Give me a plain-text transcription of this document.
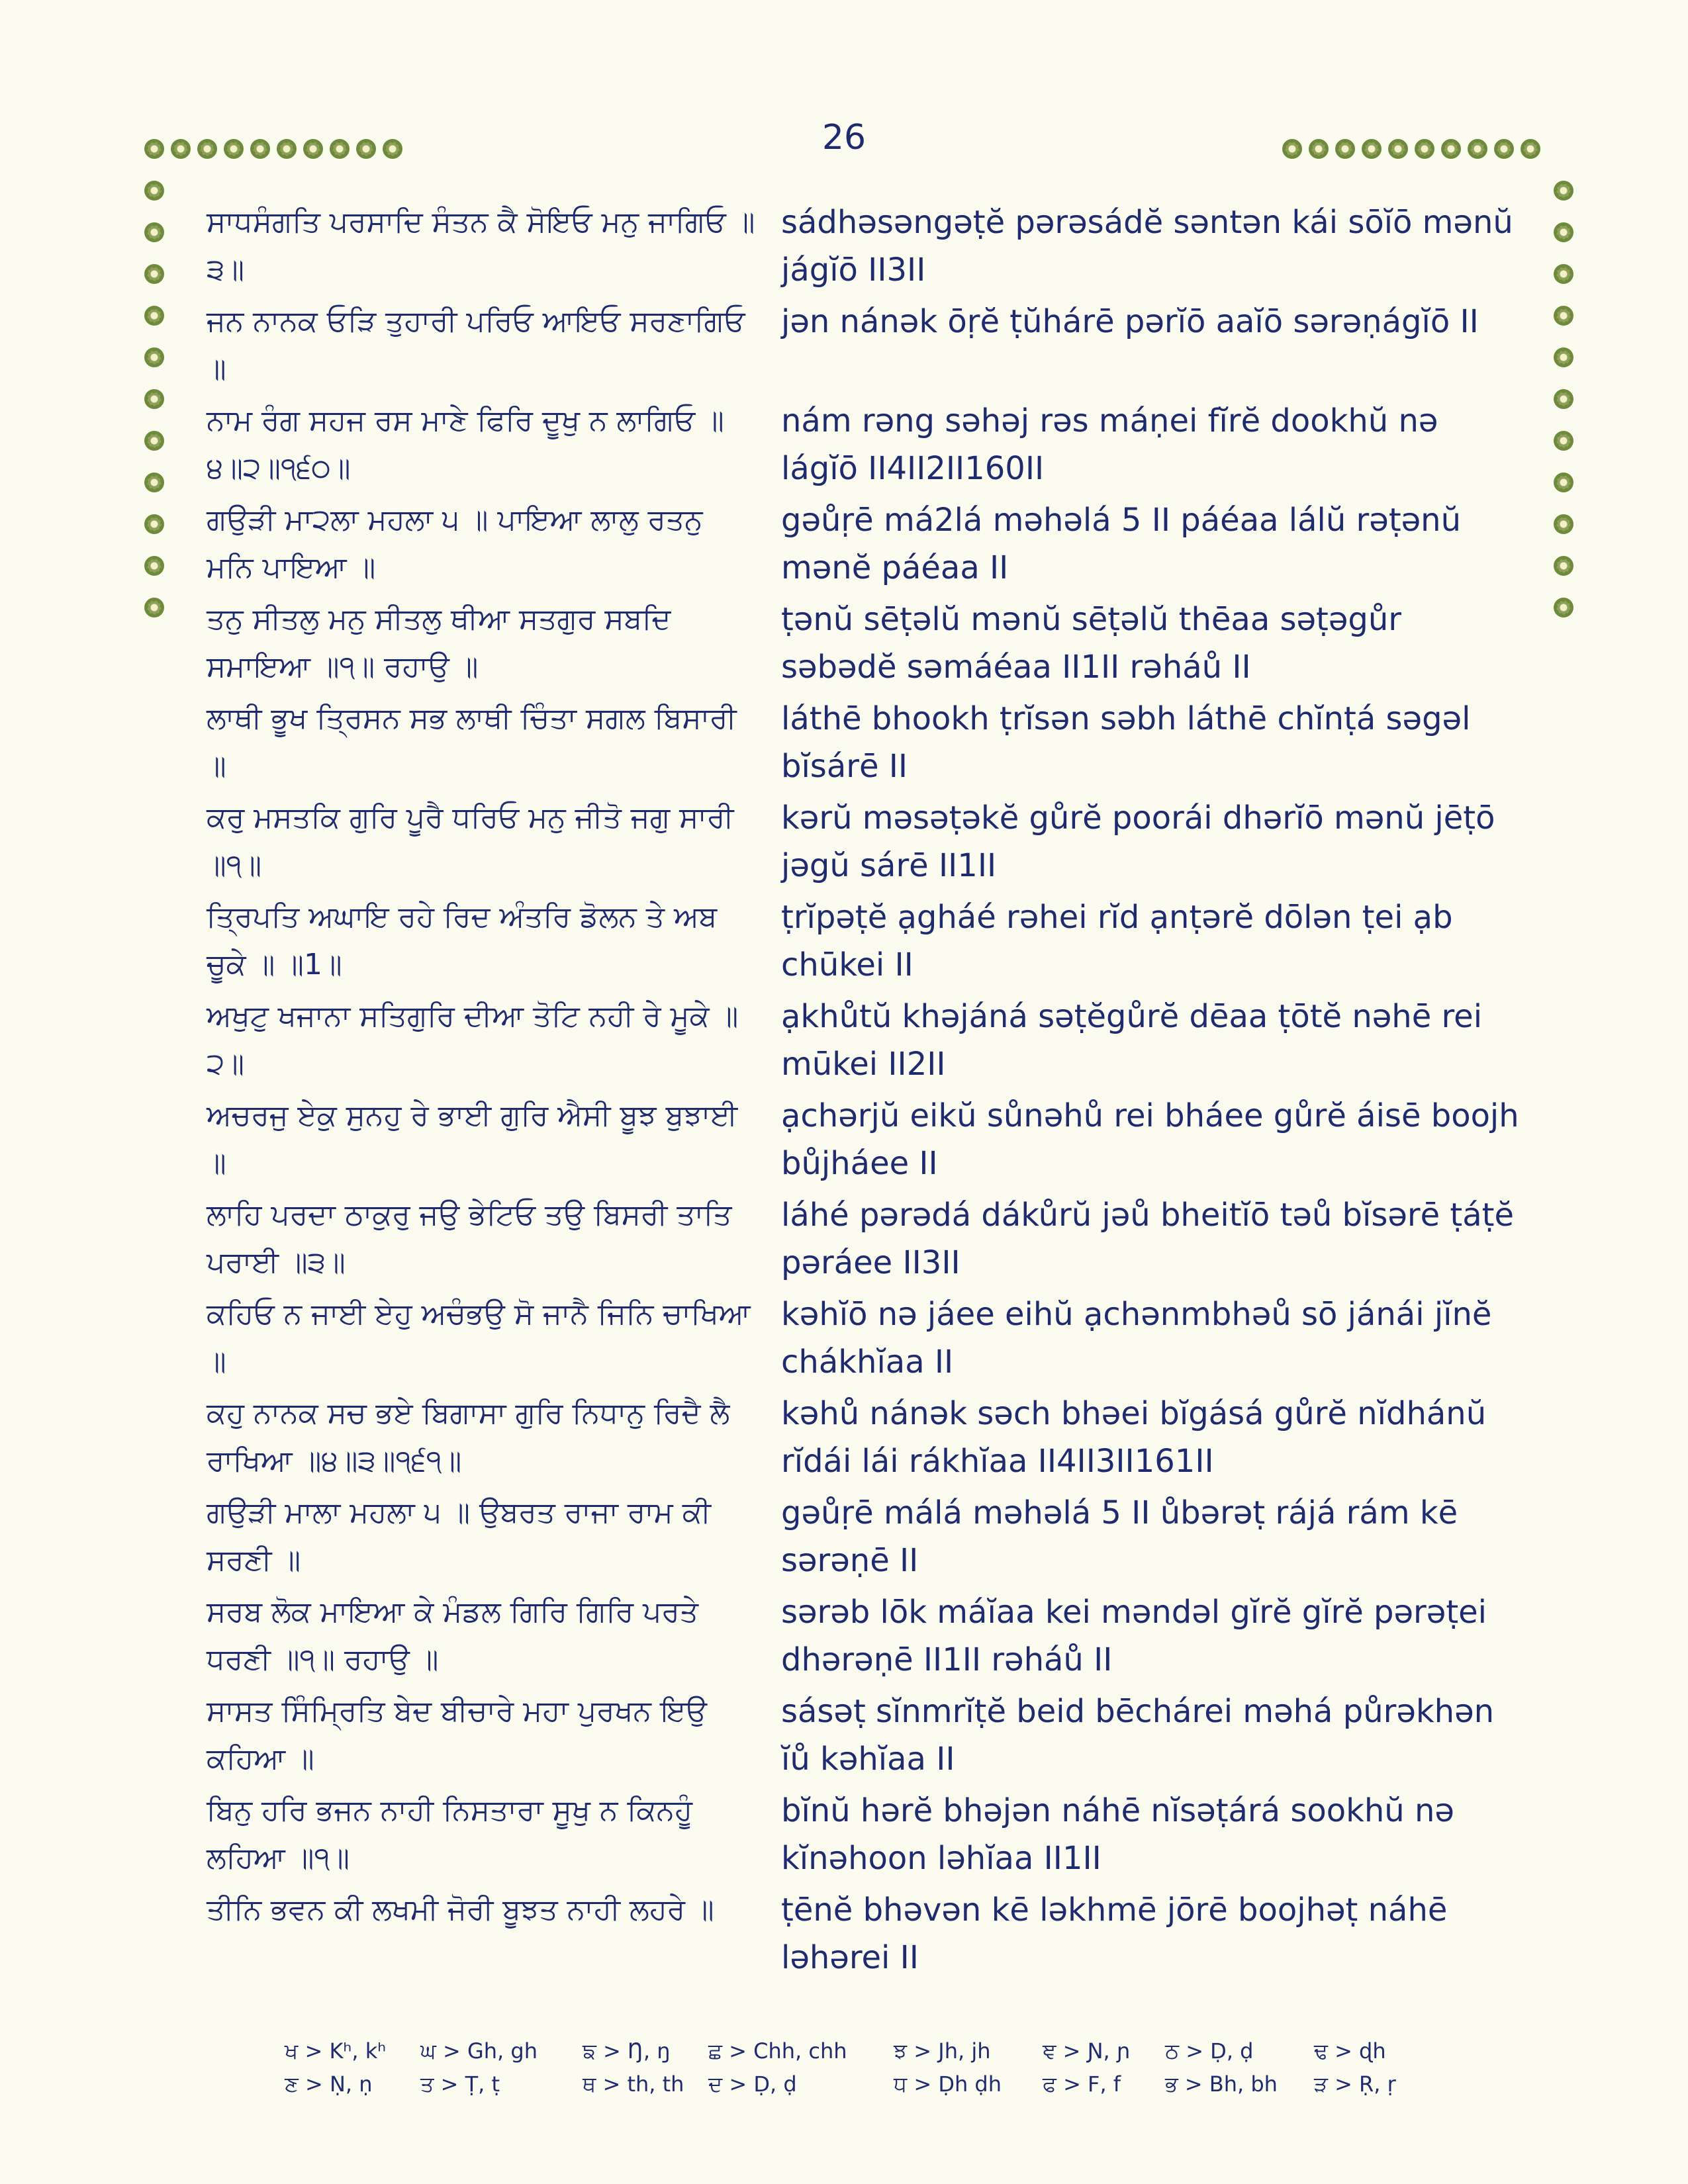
26
ਸਾਧਸੰਗਤਿ ਪਰਸਾਦਿ ਸੰਤਨ ਕੈ ਸੋਇਓ ਮਨੁ ਜਾਗਿਓ ॥੩॥
sádhəsəngəṭĕ pərəsádĕ səntən kái sōĭō mənŭ jágĭō II3II
ਜਨ ਨਾਨਕ ਓੜਿ ਤੁਹਾਰੀ ਪਰਿਓ ਆਇਓ ਸਰਣਾਗਿਓ ॥
jən nánək ōṛĕ ṭŭhárē pərĭō aaĭō sərəṇágĭō II
ਨਾਮ ਰੰਗ ਸਹਜ ਰਸ ਮਾਣੇ ਫਿਰਿ ਦੂਖੁ ਨ ਲਾਗਿਓ ॥੪॥੨॥੧੬੦॥
nám rəng səhəj rəs máṇei fĭrĕ dookhŭ nə lágĭō II4II2II160II
ਗਉੜੀ ਮਾ੨ਲਾ ਮਹਲਾ ੫ ॥ ਪਾਇਆ ਲਾਲੁ ਰਤਨੁ ਮਨਿ ਪਾਇਆ ॥
gəůṛē má2lá məhəlá 5 II páéaa lálŭ rəṭənŭ mənĕ páéaa II
ਤਨੁ ਸੀਤਲੁ ਮਨੁ ਸੀਤਲੁ ਥੀਆ ਸਤਗੁਰ ਸਬਦਿ ਸਮਾਇਆ ॥੧॥ ਰਹਾਉ ॥
ṭənŭ sēṭəlŭ mənŭ sēṭəlŭ thēaa səṭəgůr səbədĕ səmáéaa II1II rəháů II
ਲਾਥੀ ਭੂਖ ਤ੍ਰਿਸਨ ਸਭ ਲਾਥੀ ਚਿੰਤਾ ਸਗਲ ਬਿਸਾਰੀ ॥
láthē bhookh ṭrĭsən səbh láthē chĭnṭá səgəl bĭsárē II
ਕਰੁ ਮਸਤਕਿ ਗੁਰਿ ਪੂਰੈ ਧਰਿਓ ਮਨੁ ਜੀਤੋ ਜਗੁ ਸਾਰੀ ॥੧॥
kərŭ məsəṭəkĕ gůrĕ poorái dhərĭō mənŭ jēṭō jəgŭ sárē II1II
ਤ੍ਰਿਪਤਿ ਅਘਾਇ ਰਹੇ ਰਿਦ ਅੰਤਰਿ ਡੋਲਨ ਤੇ ਅਬ ਚੂਕੇ ॥ ॥1॥
ṭrĭpəṭĕ ạgháé rəhei rĭd ạnṭərĕ dōlən ṭei ạb chūkei II
ਅਖੁਟੁ ਖਜਾਨਾ ਸਤਿਗੁਰਿ ਦੀਆ ਤੋਟਿ ਨਹੀ ਰੇ ਮੂਕੇ ॥੨॥
ạkhůtŭ khəjáná səṭĕgůrĕ dēaa ṭōtĕ nəhē rei mūkei II2II
ਅਚਰਜੁ ਏਕੁ ਸੁਨਹੁ ਰੇ ਭਾਈ ਗੁਰਿ ਐਸੀ ਬੂਝ ਬੁਝਾਈ ॥
ạchərjŭ eikŭ sůnəhů rei bháee gůrĕ áisē boojh bůjháee II
ਲਾਹਿ ਪਰਦਾ ਠਾਕੁਰੁ ਜਉ ਭੇਟਿਓ ਤਉ ਬਿਸਰੀ ਤਾਤਿ ਪਰਾਈ ॥੩॥
láhé pərədá dákůrŭ jəů bheitĭō təů bĭsərē ṭáṭĕ pəráee II3II
ਕਹਿਓ ਨ ਜਾਈ ਏਹੁ ਅਚੰਭਉ ਸੋ ਜਾਨੈ ਜਿਨਿ ਚਾਖਿਆ ॥
kəhĭō nə jáee eihŭ ạchənmbhəů sō jánái jĭnĕ chákhĭaa II
ਕਹੁ ਨਾਨਕ ਸਚ ਭਏ ਬਿਗਾਸਾ ਗੁਰਿ ਨਿਧਾਨੁ ਰਿਦੈ ਲੈ ਰਾਖਿਆ ॥੪॥੩॥੧੬੧॥
kəhů nánək səch bhəei bĭgásá gůrĕ nĭdhánŭ rĭdái lái rákhĭaa II4II3II161II
ਗਉੜੀ ਮਾਲਾ ਮਹਲਾ ੫ ॥ ਉਬਰਤ ਰਾਜਾ ਰਾਮ ਕੀ ਸਰਣੀ ॥
gəůṛē málá məhəlá 5 II ůbərəṭ rájá rám kē sərəṇē II
ਸਰਬ ਲੋਕ ਮਾਇਆ ਕੇ ਮੰਡਲ ਗਿਰਿ ਗਿਰਿ ਪਰਤੇ ਧਰਣੀ ॥੧॥ ਰਹਾਉ ॥
sərəb lōk máĭaa kei məndəl gĭrĕ gĭrĕ pərəṭei dhərəṇē II1II rəháů II
ਸਾਸਤ ਸਿੰਮ੍ਰਿਤਿ ਬੇਦ ਬੀਚਾਰੇ ਮਹਾ ਪੁਰਖਨ ਇਉ ਕਹਿਆ ॥
sásəṭ sĭnmrĭṭĕ beid bēchárei məhá půrəkhən ĭů kəhĭaa II
ਬਿਨੁ ਹਰਿ ਭਜਨ ਨਾਹੀ ਨਿਸਤਾਰਾ ਸੂਖੁ ਨ ਕਿਨਹੂੰ ਲਹਿਆ ॥੧॥
bĭnŭ hərĕ bhəjən náhē nĭsəṭárá sookhŭ nə kĭnəhoon ləhĭaa II1II
ਤੀਨਿ ਭਵਨ ਕੀ ਲਖਮੀ ਜੋਰੀ ਬੂਝਤ ਨਾਹੀ ਲਹਰੇ ॥	ṭēnĕ bhəvən kē ləkhmē jōrē boojhəṭ náhē ləhərei II
ਖ > Kʰ, kʰ ਘ > Gh, gh ਙ > Ŋ, ŋ ਛ > Chh, chh ਝ > Jh, jh ਞ > Ɲ, ɲ ਠ > Ḍ, ḍ	ਢ > ɖh
ਣ > Ṇ, ṇ ਤ > Ṭ, ṭ	ਥ > th, th ਦ > Ḍ, ḍ	ਧ > Ḍh ḍh ਫ > F, f ਭ > Bh, bh ੜ > Ṛ, ṛ
